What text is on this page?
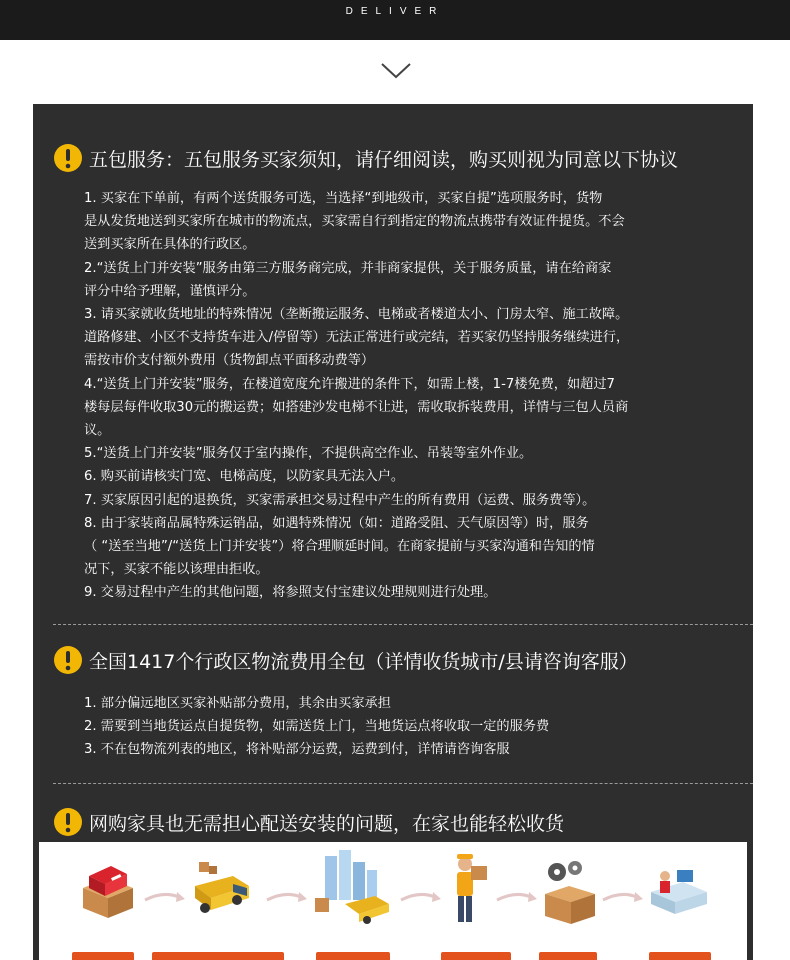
DELIVER
五包服务：五包服务买家须知，请仔细阅读，购买则视为同意以下协议
1. 买家在下单前，有两个送货服务可选，当选择“到地级市，买家自提”选项服务时，货物
是从发货地送到买家所在城市的物流点，买家需自行到指定的物流点携带有效证件提货。不会
送到买家所在具体的行政区。
2.“送货上门并安装”服务由第三方服务商完成，并非商家提供，关于服务质量，请在给商家
评分中给予理解，谨慎评分。
3. 请买家就收货地址的特殊情况（垄断搬运服务、电梯或者楼道太小、门房太窄、施工故障。
道路修建、小区不支持货车进入/停留等）无法正常进行或完结，若买家仍坚持服务继续进行，
需按市价支付额外费用（货物卸点平面移动费等）
4.“送货上门并安装”服务，在楼道宽度允许搬进的条件下，如需上楼，1-7楼免费，如超过7
楼每层每件收取30元的搬运费；如搭建沙发电梯不让进，需收取拆装费用，详情与三包人员商
议。
5.“送货上门并安装”服务仅于室内操作，不提供高空作业、吊装等室外作业。
6. 购买前请核实门宽、电梯高度，以防家具无法入户。
7. 买家原因引起的退换货，买家需承担交易过程中产生的所有费用（运费、服务费等）。
8. 由于家装商品属特殊运销品，如遇特殊情况（如：道路受阻、天气原因等）时，服务
（ “送至当地”/“送货上门并安装”）将合理顺延时间。在商家提前与买家沟通和告知的情
况下，买家不能以该理由拒收。
9. 交易过程中产生的其他问题，将参照支付宝建议处理规则进行处理。
全国1417个行政区物流费用全包（详情收货城市/县请咨询客服）
1. 部分偏远地区买家补贴部分费用，其余由买家承担
2. 需要到当地货运点自提货物，如需送货上门，当地货运点将收取一定的服务费
3. 不在包物流列表的地区，将补贴部分运费，运费到付，详情请咨询客服
网购家具也无需担心配送安装的问题，在家也能轻松收货
